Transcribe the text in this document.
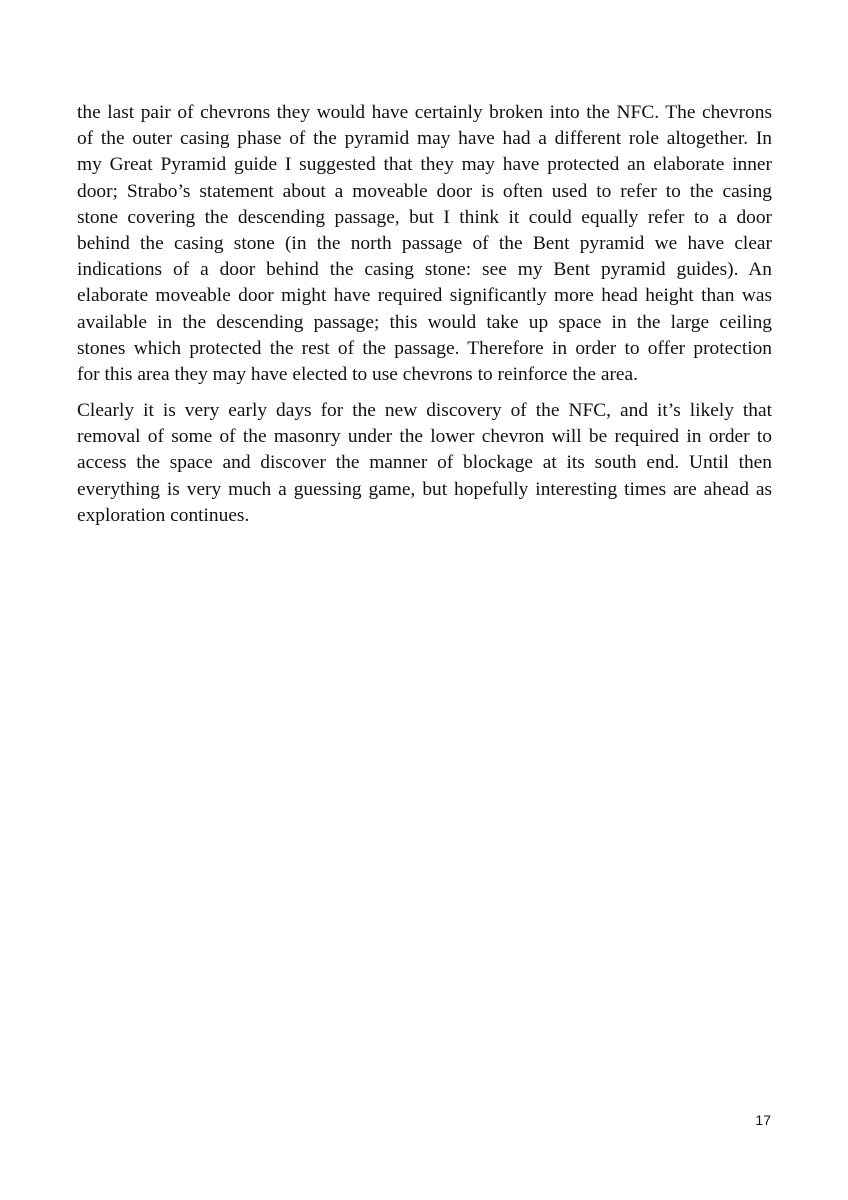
the last pair of chevrons they would have certainly broken into the NFC. The chevrons
of the outer casing phase of the pyramid may have had a different role altogether. In
my Great Pyramid guide I suggested that they may have protected an elaborate inner
door; Strabo’s statement about a moveable door is often used to refer to the casing
stone covering the descending passage, but I think it could equally refer to a door
behind the casing stone (in the north passage of the Bent pyramid we have clear
indications of a door behind the casing stone: see my Bent pyramid guides). An
elaborate moveable door might have required significantly more head height than was
available in the descending passage; this would take up space in the large ceiling
stones which protected the rest of the passage. Therefore in order to offer protection
for this area they may have elected to use chevrons to reinforce the area.

Clearly it is very early days for the new discovery of the NFC, and it’s likely that
removal of some of the masonry under the lower chevron will be required in order to
access the space and discover the manner of blockage at its south end. Until then
everything is very much a guessing game, but hopefully interesting times are ahead as
exploration continues.

17
